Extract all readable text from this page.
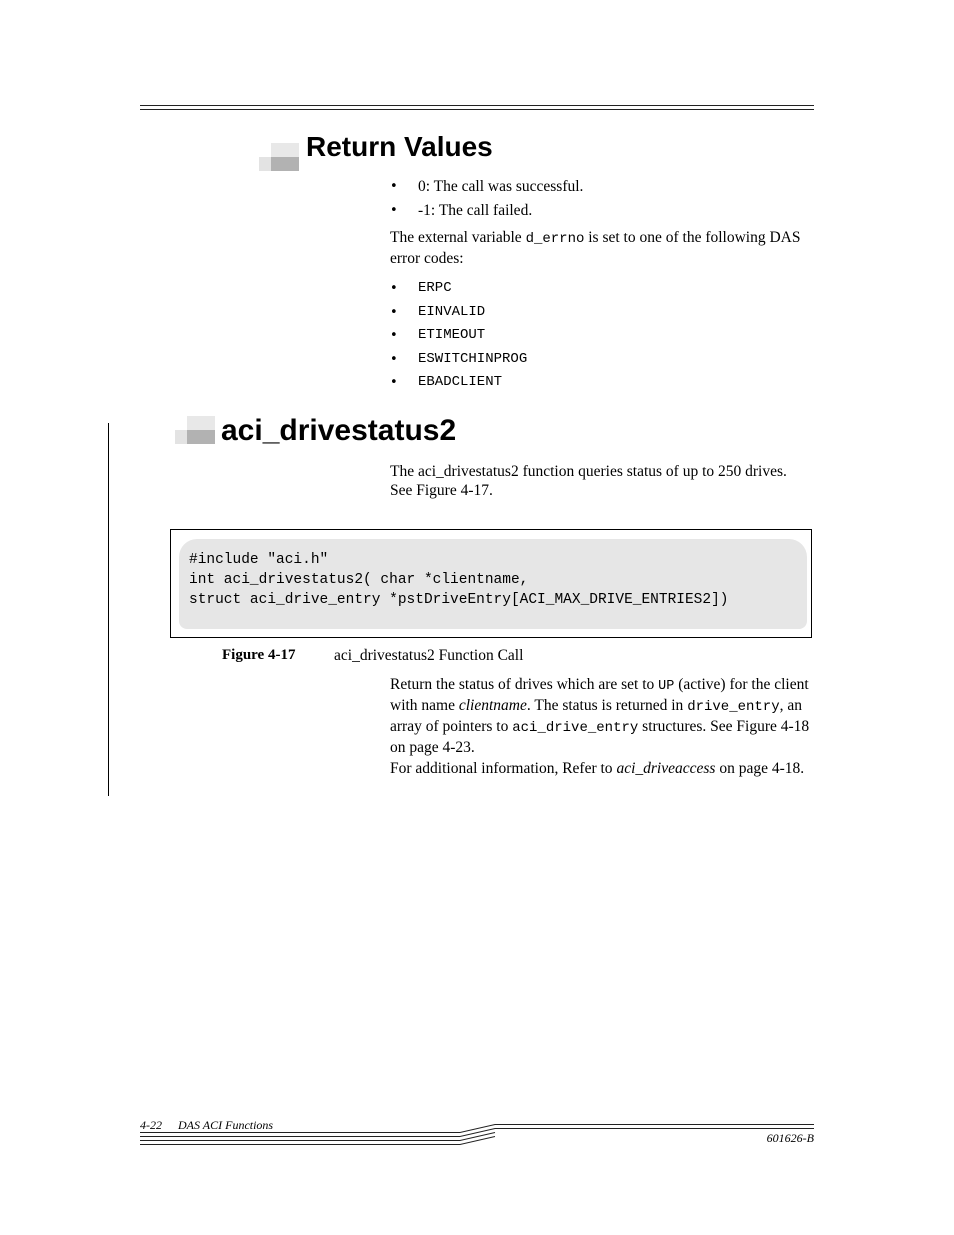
Return Values
• 0: The call was successful.
• -1: The call failed.
The external variable d_errno is set to one of the following DAS error codes:
• ERPC
• EINVALID
• ETIMEOUT
• ESWITCHINPROG
• EBADCLIENT
aci_drivestatus2
The aci_drivestatus2 function queries status of up to 250 drives. See Figure 4-17.
#include "aci.h"
int aci_drivestatus2( char *clientname,
struct aci_drive_entry *pstDriveEntry[ACI_MAX_DRIVE_ENTRIES2])
Figure 4-17 aci_drivestatus2 Function Call
Return the status of drives which are set to UP (active) for the client with name clientname. The status is returned in drive_entry, an array of pointers to aci_drive_entry structures. See Figure 4-18 on page 4-23.
For additional information, Refer to aci_driveaccess on page 4-18.
4-22 DAS ACI Functions
601626-B
